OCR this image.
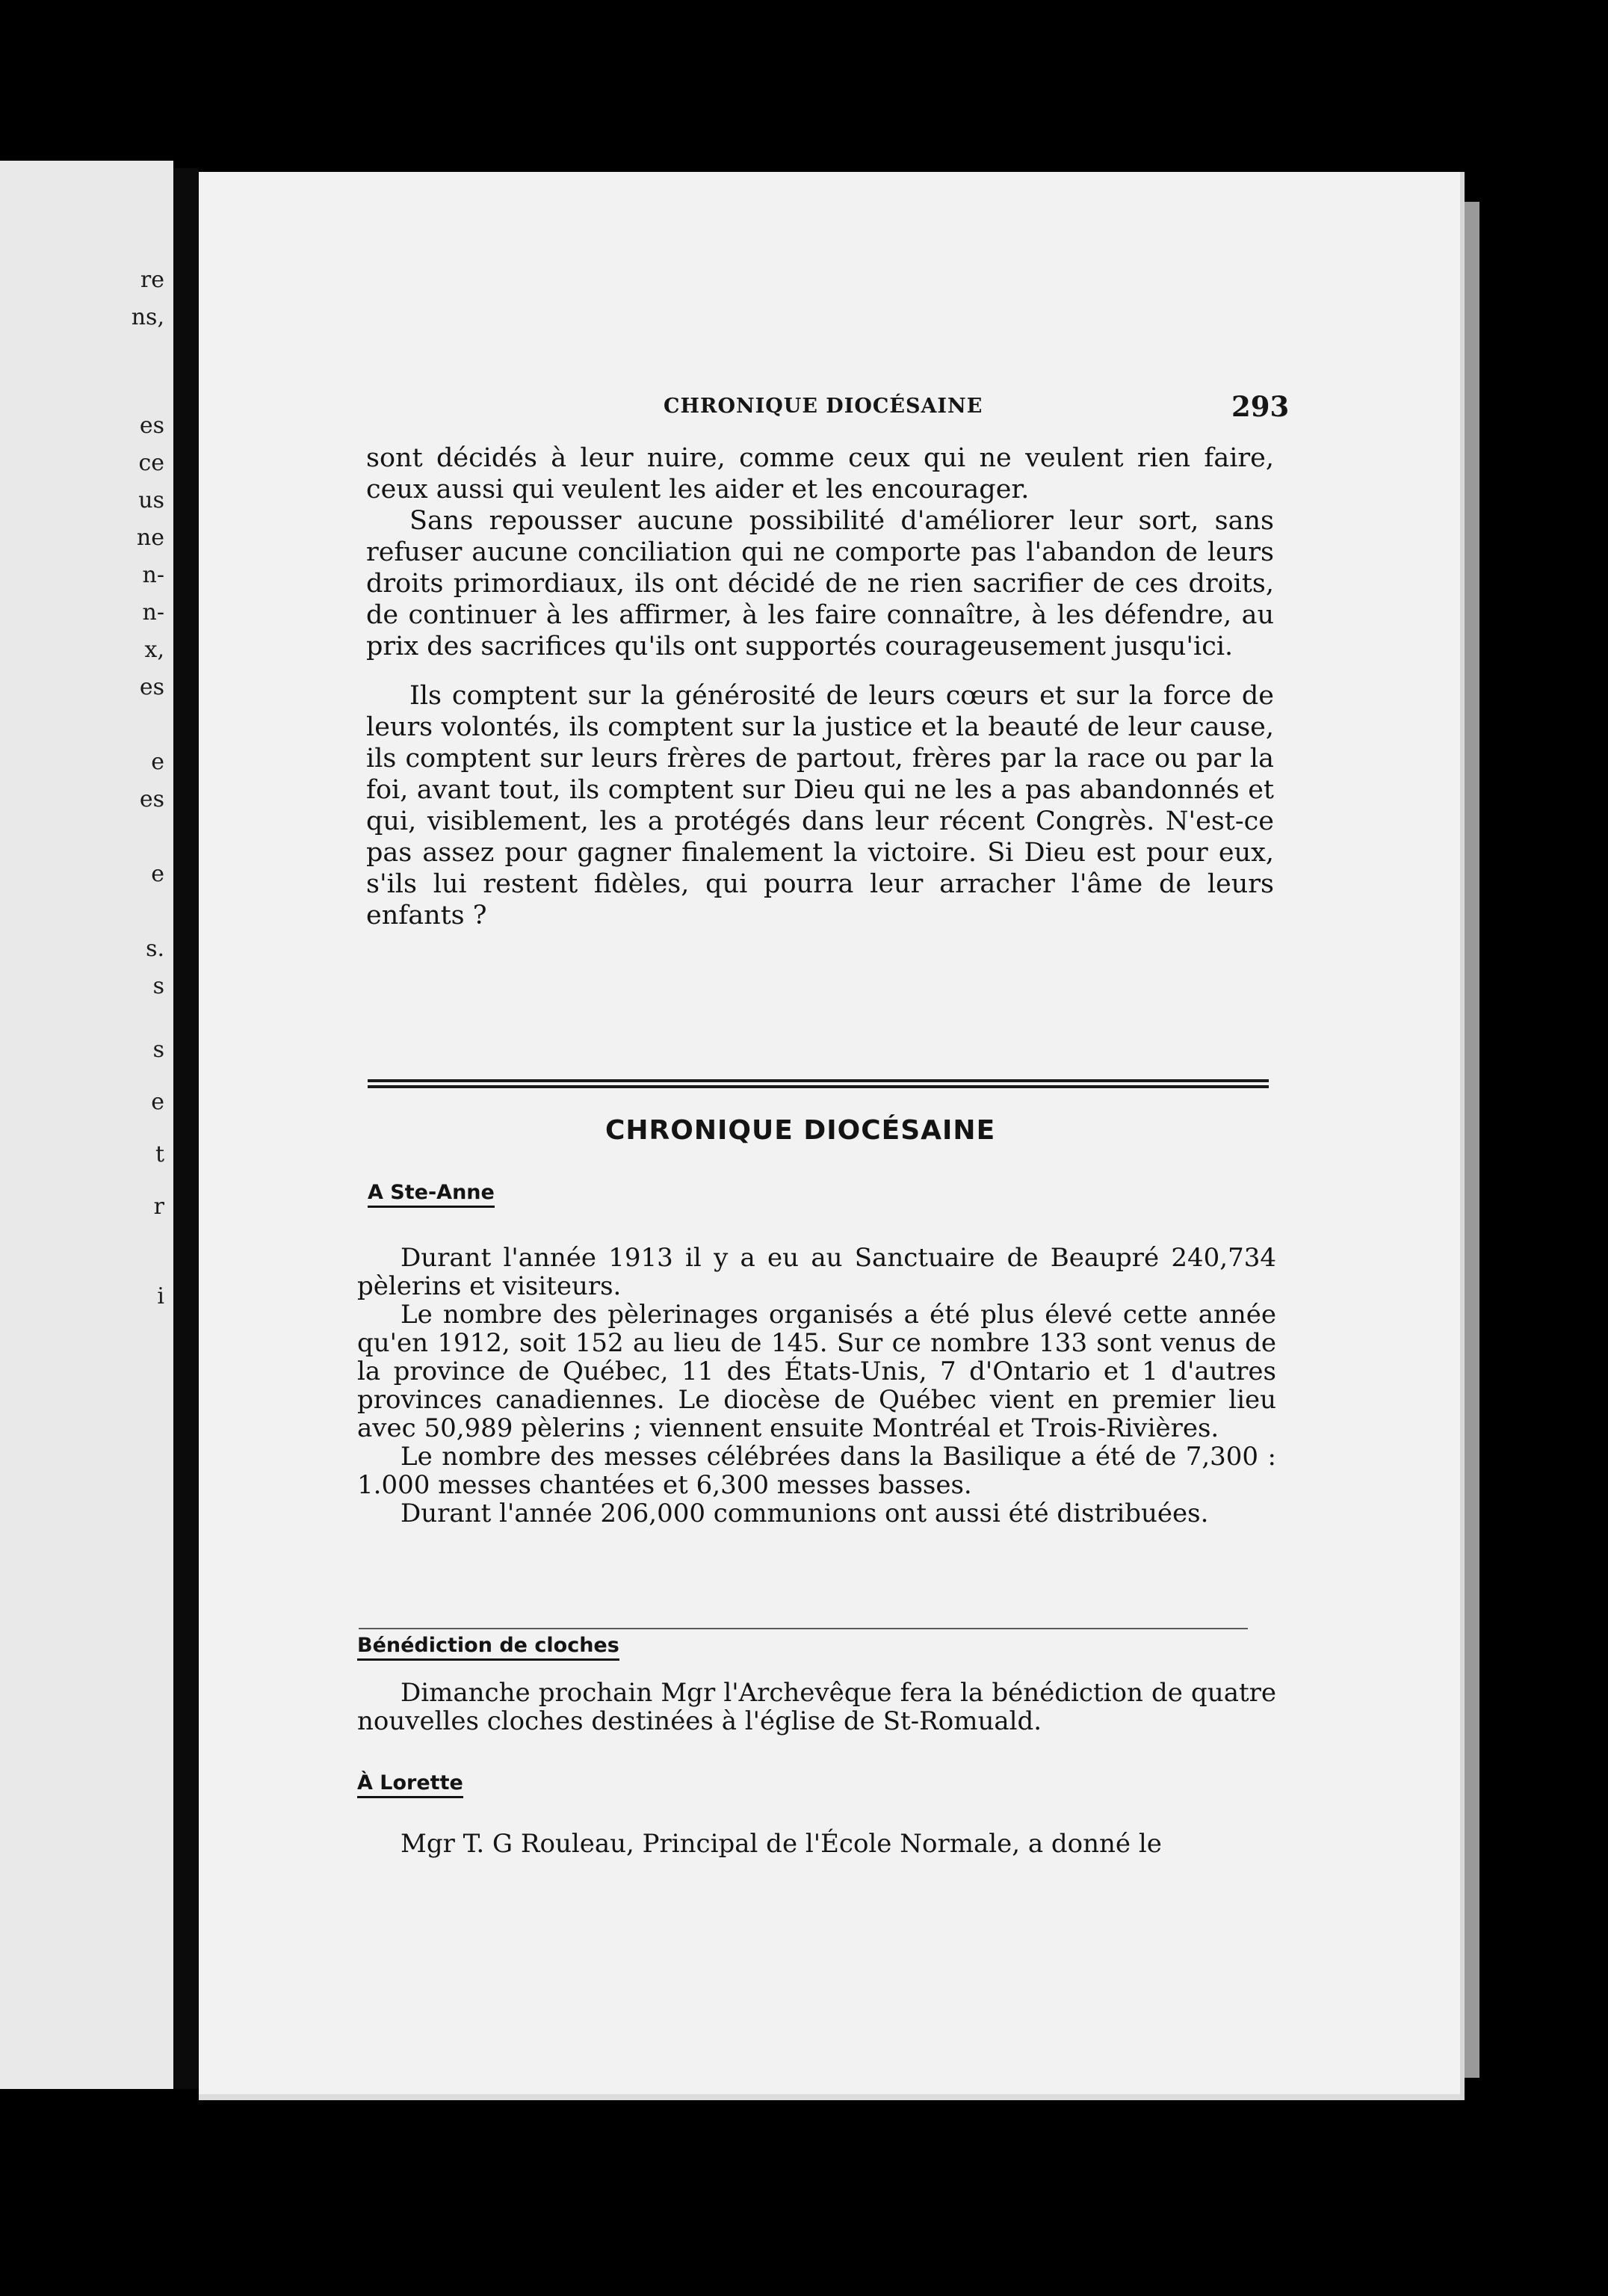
re
ns,
es
ce
us
ne
n-
n-
x,
es
e
es
e
s.
s
s
e
t
r
i
CHRONIQUE DIOCÉSAINE	293

sont décidés à leur nuire, comme ceux qui ne veulent rien faire, ceux aussi qui veulent les aider et les encourager.

Sans repousser aucune possibilité d'améliorer leur sort, sans refuser aucune conciliation qui ne comporte pas l'abandon de leurs droits primordiaux, ils ont décidé de ne rien sacrifier de ces droits, de continuer à les affirmer, à les faire connaître, à les défendre, au prix des sacrifices qu'ils ont supportés courageusement jusqu'ici.

Ils comptent sur la générosité de leurs cœurs et sur la force de leurs volontés, ils comptent sur la justice et la beauté de leur cause, ils comptent sur leurs frères de partout, frères par la race ou par la foi, avant tout, ils comptent sur Dieu qui ne les a pas abandonnés et qui, visiblement, les a protégés dans leur récent Congrès. N'est-ce pas assez pour gagner finalement la victoire. Si Dieu est pour eux, s'ils lui restent fidèles, qui pourra leur arracher l'âme de leurs enfants ?

CHRONIQUE DIOCÉSAINE
A Ste-Anne

Durant l'année 1913 il y a eu au Sanctuaire de Beaupré 240,734 pèlerins et visiteurs.

Le nombre des pèlerinages organisés a été plus élevé cette année qu'en 1912, soit 152 au lieu de 145. Sur ce nombre 133 sont venus de la province de Québec, 11 des États-Unis, 7 d'Ontario et 1 d'autres provinces canadiennes. Le diocèse de Québec vient en premier lieu avec 50,989 pèlerins ; viennent ensuite Montréal et Trois-Rivières.

Le nombre des messes célébrées dans la Basilique a été de 7,300 : 1.000 messes chantées et 6,300 messes basses.

Durant l'année 206,000 communions ont aussi été distribuées.

Bénédiction de cloches

Dimanche prochain Mgr l'Archevêque fera la bénédiction de quatre nouvelles cloches destinées à l'église de St-Romuald.

À Lorette

Mgr T. G Rouleau, Principal de l'École Normale, a donné le
